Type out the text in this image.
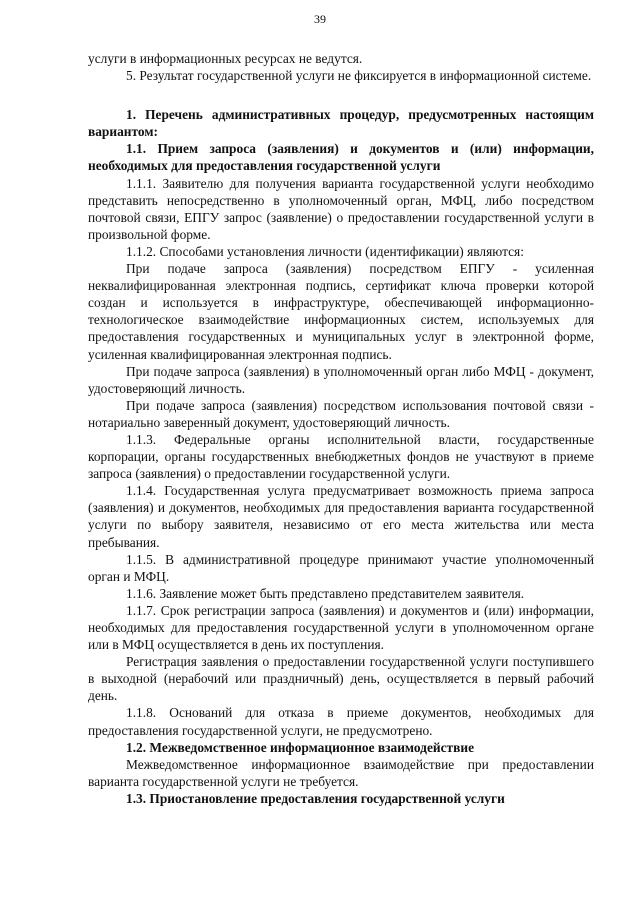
39

услуги в информационных ресурсах не ведутся.

5. Результат государственной услуги не фиксируется в информационной системе.

1. Перечень административных процедур, предусмотренных настоящим вариантом:

1.1. Прием запроса (заявления) и документов и (или) информации, необходимых для предоставления государственной услуги

1.1.1. Заявителю для получения варианта государственной услуги необходимо представить непосредственно в уполномоченный орган, МФЦ, либо посредством почтовой связи, ЕПГУ запрос (заявление) о предоставлении государственной услуги в произвольной форме.

1.1.2. Способами установления личности (идентификации) являются:

При подаче запроса (заявления) посредством ЕПГУ - усиленная неквалифицированная электронная подпись, сертификат ключа проверки которой создан и используется в инфраструктуре, обеспечивающей информационно-технологическое взаимодействие информационных систем, используемых для предоставления государственных и муниципальных услуг в электронной форме, усиленная квалифицированная электронная подпись.

При подаче запроса (заявления) в уполномоченный орган либо МФЦ - документ, удостоверяющий личность.

При подаче запроса (заявления) посредством использования почтовой связи - нотариально заверенный документ, удостоверяющий личность.

1.1.3. Федеральные органы исполнительной власти, государственные корпорации, органы государственных внебюджетных фондов не участвуют в приеме запроса (заявления) о предоставлении государственной услуги.

1.1.4. Государственная услуга предусматривает возможность приема запроса (заявления) и документов, необходимых для предоставления варианта государственной услуги по выбору заявителя, независимо от его места жительства или места пребывания.

1.1.5. В административной процедуре принимают участие уполномоченный орган и МФЦ.

1.1.6. Заявление может быть представлено представителем заявителя.

1.1.7. Срок регистрации запроса (заявления) и документов и (или) информации, необходимых для предоставления государственной услуги в уполномоченном органе или в МФЦ осуществляется в день их поступления.

Регистрация заявления о предоставлении государственной услуги поступившего в выходной (нерабочий или праздничный) день, осуществляется в первый рабочий день.

1.1.8. Оснований для отказа в приеме документов, необходимых для предоставления государственной услуги, не предусмотрено.

1.2. Межведомственное информационное взаимодействие

Межведомственное информационное взаимодействие при предоставлении варианта государственной услуги не требуется.

1.3. Приостановление предоставления государственной услуги
